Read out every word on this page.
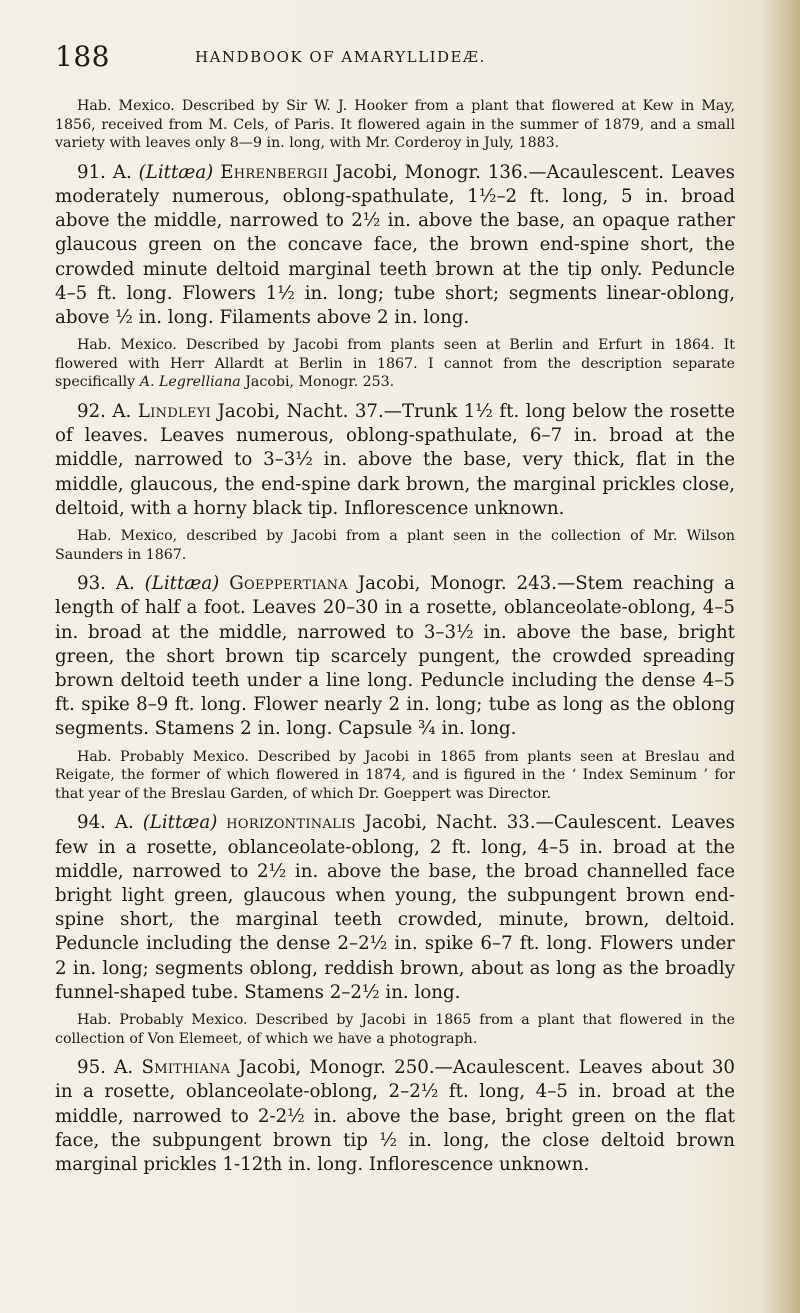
188	HANDBOOK OF AMARYLLIDEÆ.

Hab. Mexico. Described by Sir W. J. Hooker from a plant that flowered at Kew in May, 1856, received from M. Cels, of Paris. It flowered again in the summer of 1879, and a small variety with leaves only 8—9 in. long, with Mr. Corderoy in July, 1883.

91. A. (Littæa) Ehrenbergii Jacobi, Monogr. 136.—Acaulescent. Leaves moderately numerous, oblong-spathulate, 1½–2 ft. long, 5 in. broad above the middle, narrowed to 2½ in. above the base, an opaque rather glaucous green on the concave face, the brown end-spine short, the crowded minute deltoid marginal teeth brown at the tip only. Peduncle 4–5 ft. long. Flowers 1½ in. long; tube short; segments linear-oblong, above ½ in. long. Filaments above 2 in. long.

Hab. Mexico. Described by Jacobi from plants seen at Berlin and Erfurt in 1864. It flowered with Herr Allardt at Berlin in 1867. I cannot from the description separate specifically A. Legrelliana Jacobi, Monogr. 253.

92. A. Lindleyi Jacobi, Nacht. 37.—Trunk 1½ ft. long below the rosette of leaves. Leaves numerous, oblong-spathulate, 6–7 in. broad at the middle, narrowed to 3–3½ in. above the base, very thick, flat in the middle, glaucous, the end-spine dark brown, the marginal prickles close, deltoid, with a horny black tip. Inflorescence unknown.

Hab. Mexico, described by Jacobi from a plant seen in the collection of Mr. Wilson Saunders in 1867.

93. A. (Littæa) Goeppertiana Jacobi, Monogr. 243.—Stem reaching a length of half a foot. Leaves 20–30 in a rosette, oblanceolate-oblong, 4–5 in. broad at the middle, narrowed to 3–3½ in. above the base, bright green, the short brown tip scarcely pungent, the crowded spreading brown deltoid teeth under a line long. Peduncle including the dense 4–5 ft. spike 8–9 ft. long. Flower nearly 2 in. long; tube as long as the oblong segments. Stamens 2 in. long. Capsule ¾ in. long.

Hab. Probably Mexico. Described by Jacobi in 1865 from plants seen at Breslau and Reigate, the former of which flowered in 1874, and is figured in the ‘ Index Seminum ’ for that year of the Breslau Garden, of which Dr. Goeppert was Director.

94. A. (Littæa) horizontinalis Jacobi, Nacht. 33.—Caulescent. Leaves few in a rosette, oblanceolate-oblong, 2 ft. long, 4–5 in. broad at the middle, narrowed to 2½ in. above the base, the broad channelled face bright light green, glaucous when young, the subpungent brown end-spine short, the marginal teeth crowded, minute, brown, deltoid. Peduncle including the dense 2–2½ in. spike 6–7 ft. long. Flowers under 2 in. long; segments oblong, reddish brown, about as long as the broadly funnel-shaped tube. Stamens 2–2½ in. long.

Hab. Probably Mexico. Described by Jacobi in 1865 from a plant that flowered in the collection of Von Elemeet, of which we have a photograph.

95. A. Smithiana Jacobi, Monogr. 250.—Acaulescent. Leaves about 30 in a rosette, oblanceolate-oblong, 2–2½ ft. long, 4–5 in. broad at the middle, narrowed to 2-2½ in. above the base, bright green on the flat face, the subpungent brown tip ½ in. long, the close deltoid brown marginal prickles 1-12th in. long. Inflorescence unknown.
